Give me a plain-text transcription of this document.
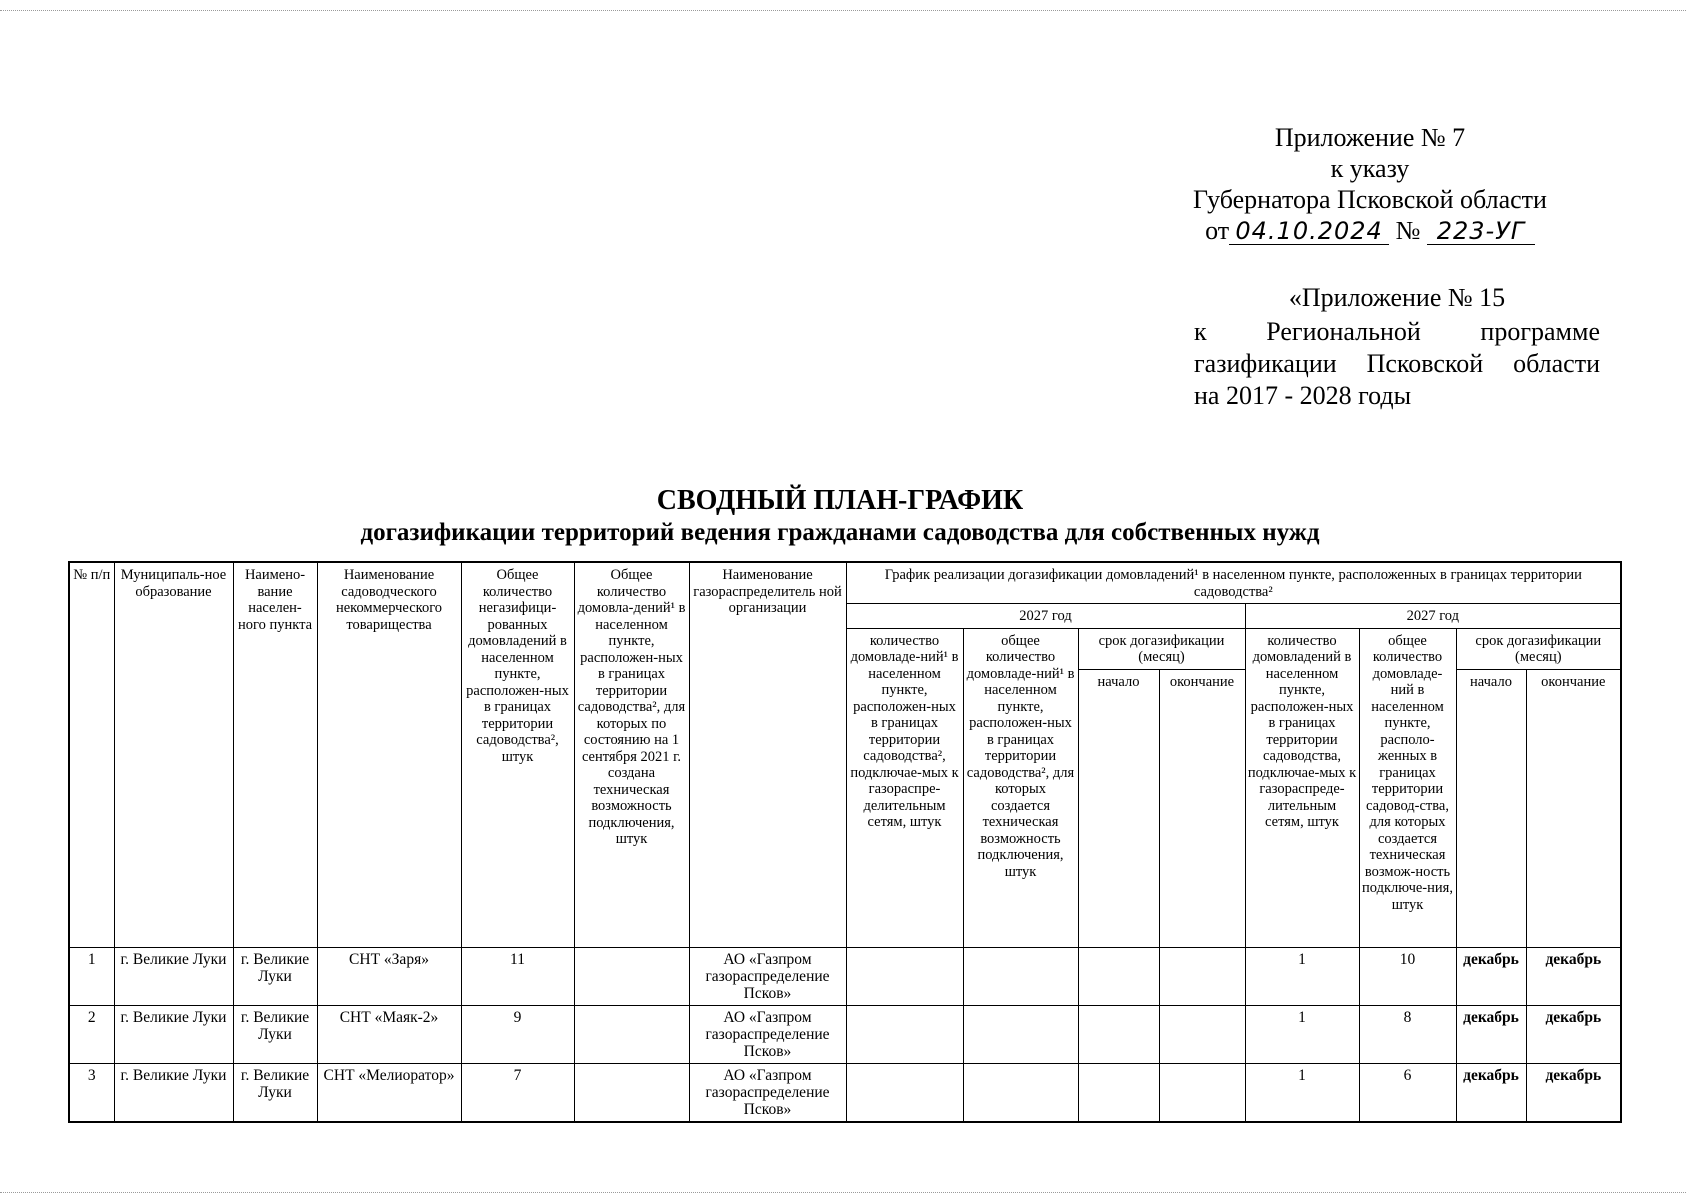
Приложение № 7
к указу
Губернатора Псковской области
от 04.10.2024 № 223-УГ
«Приложение № 15
к Региональной программе
газификации Псковской области
на 2017 - 2028 годы
СВОДНЫЙ ПЛАН-ГРАФИК
догазификации территорий ведения гражданами садоводства для собственных нужд
№ п/п	Муниципаль-ное образование	Наимено-вание населен-ного пункта	Наименование садоводческого некоммерческого товарищества	Общее количество негазифици-рованных домовладений в населенном пункте, расположен-ных в границах территории садоводства², штук	Общее количество домовла-дений¹ в населенном пункте, расположен-ных в границах территории садоводства², для которых по состоянию на 1 сентября 2021 г. создана техническая возможность подключения, штук	Наименование газораспределитель ной организации	График реализации догазификации домовладений¹ в населенном пункте, расположенных в границах территории садоводства²							
							2027 год				2027 год			
							количество домовладе-ний¹ в населенном пункте, расположен-ных в границах территории садоводства², подключае-мых к газораспре-делительным сетям, штук	общее количество домовладе-ний¹ в населенном пункте, расположен-ных в границах территории садоводства², для которых создается техническая возможность подключения, штук	срок догазификации (месяц)		количество домовладений в населенном пункте, расположен-ных в границах территории садоводства, подключае-мых к газораспреде-лительным сетям, штук	общее количество домовладе-ний в населенном пункте, располо-женных в границах территории садовод-ства, для которых создается техническая возмож-ность подключе-ния, штук	срок догазификации (месяц)	
									начало	окончание			начало	окончание
1	г. Великие Луки	г. Великие Луки	СНТ «Заря»	11		АО «Газпром газораспределение Псков»					1	10	декабрь	декабрь
2	г. Великие Луки	г. Великие Луки	СНТ «Маяк-2»	9		АО «Газпром газораспределение Псков»					1	8	декабрь	декабрь
3	г. Великие Луки	г. Великие Луки	СНТ «Мелиоратор»	7		АО «Газпром газораспределение Псков»					1	6	декабрь	декабрь
